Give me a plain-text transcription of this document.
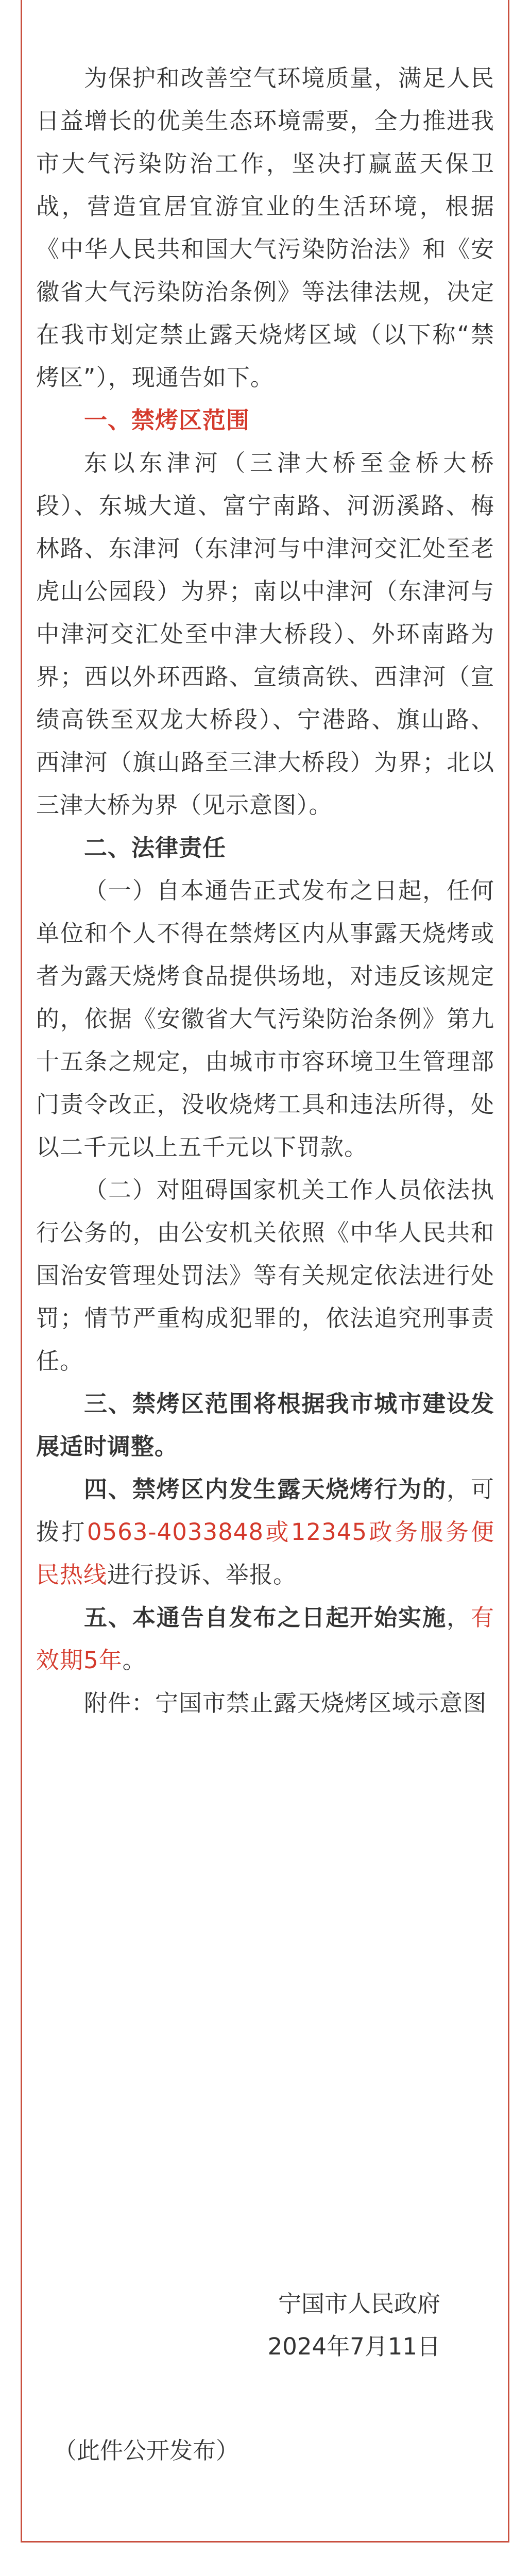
为保护和改善空气环境质量，满足人民日益增长的优美生态环境需要，全力推进我市大气污染防治工作，坚决打赢蓝天保卫战，营造宜居宜游宜业的生活环境，根据《中华人民共和国大气污染防治法》和《安徽省大气污染防治条例》等法律法规，决定在我市划定禁止露天烧烤区域（以下称“禁烤区”），现通告如下。

一、禁烤区范围

东以东津河（三津大桥至金桥大桥段）、东城大道、富宁南路、河沥溪路、梅林路、东津河（东津河与中津河交汇处至老虎山公园段）为界；南以中津河（东津河与中津河交汇处至中津大桥段）、外环南路为界；西以外环西路、宣绩高铁、西津河（宣绩高铁至双龙大桥段）、宁港路、旗山路、西津河（旗山路至三津大桥段）为界；北以三津大桥为界（见示意图）。

二、法律责任

（一）自本通告正式发布之日起，任何单位和个人不得在禁烤区内从事露天烧烤或者为露天烧烤食品提供场地，对违反该规定的，依据《安徽省大气污染防治条例》第九十五条之规定，由城市市容环境卫生管理部门责令改正，没收烧烤工具和违法所得，处以二千元以上五千元以下罚款。

（二）对阻碍国家机关工作人员依法执行公务的，由公安机关依照《中华人民共和国治安管理处罚法》等有关规定依法进行处罚；情节严重构成犯罪的，依法追究刑事责任。

三、禁烤区范围将根据我市城市建设发展适时调整。

四、禁烤区内发生露天烧烤行为的，可拨打0563-4033848或12345政务服务便民热线进行投诉、举报。

五、本通告自发布之日起开始实施，有效期5年。

附件：宁国市禁止露天烧烤区域示意图

宁国市人民政府
2024年7月11日
（此件公开发布）
